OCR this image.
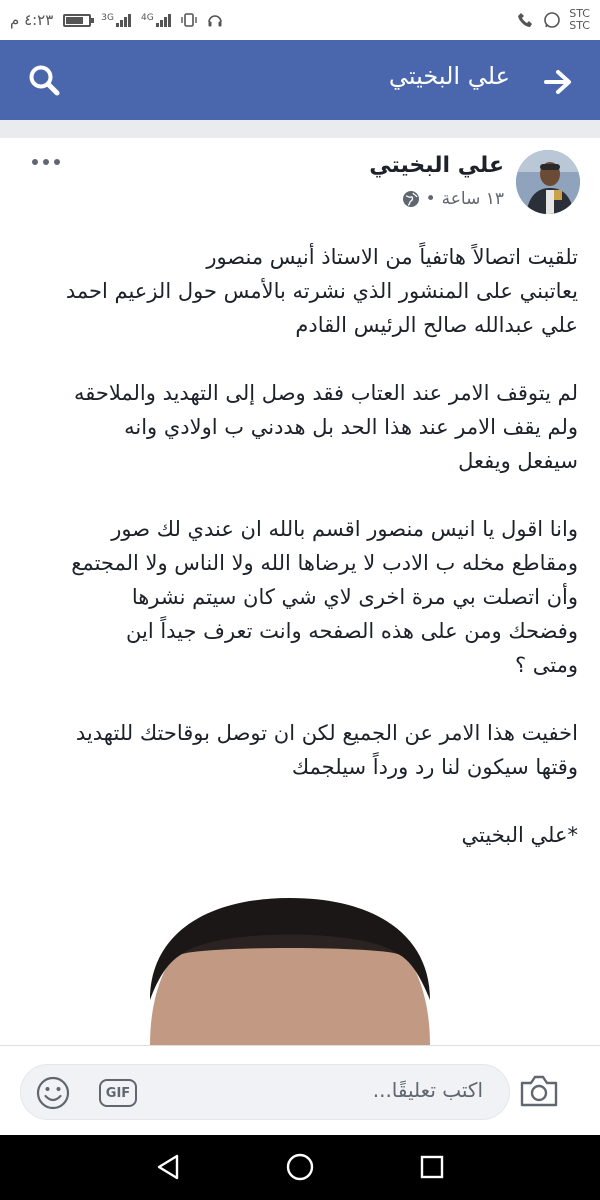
٤:٢٣ م	3G	4G	STC
STC
علي البخيتي
علي البخيتي
١٣ ساعة
•

تلقيت اتصالاً هاتفياً من الاستاذ أنيس منصور
يعاتبني على المنشور الذي نشرته بالأمس حول الزعيم احمد
علي عبدالله صالح الرئيس القادم

لم يتوقف الامر عند العتاب فقد وصل إلى التهديد والملاحقه
ولم يقف الامر عند هذا الحد بل هددني ب اولادي وانه
سيفعل ويفعل

وانا اقول يا انيس منصور اقسم بالله ان عندي لك صور
ومقاطع مخله ب الادب لا يرضاها الله ولا الناس ولا المجتمع
وأن اتصلت بي مرة اخرى لاي شي كان سيتم نشرها
وفضحك ومن على هذه الصفحه وانت تعرف جيداً اين
ومتى ؟

اخفيت هذا الامر عن الجميع لكن ان توصل بوقاحتك للتهديد
وقتها سيكون لنا رد ورداً سيلجمك

*علي البخيتي

اكتب تعليقًا...
GIF
